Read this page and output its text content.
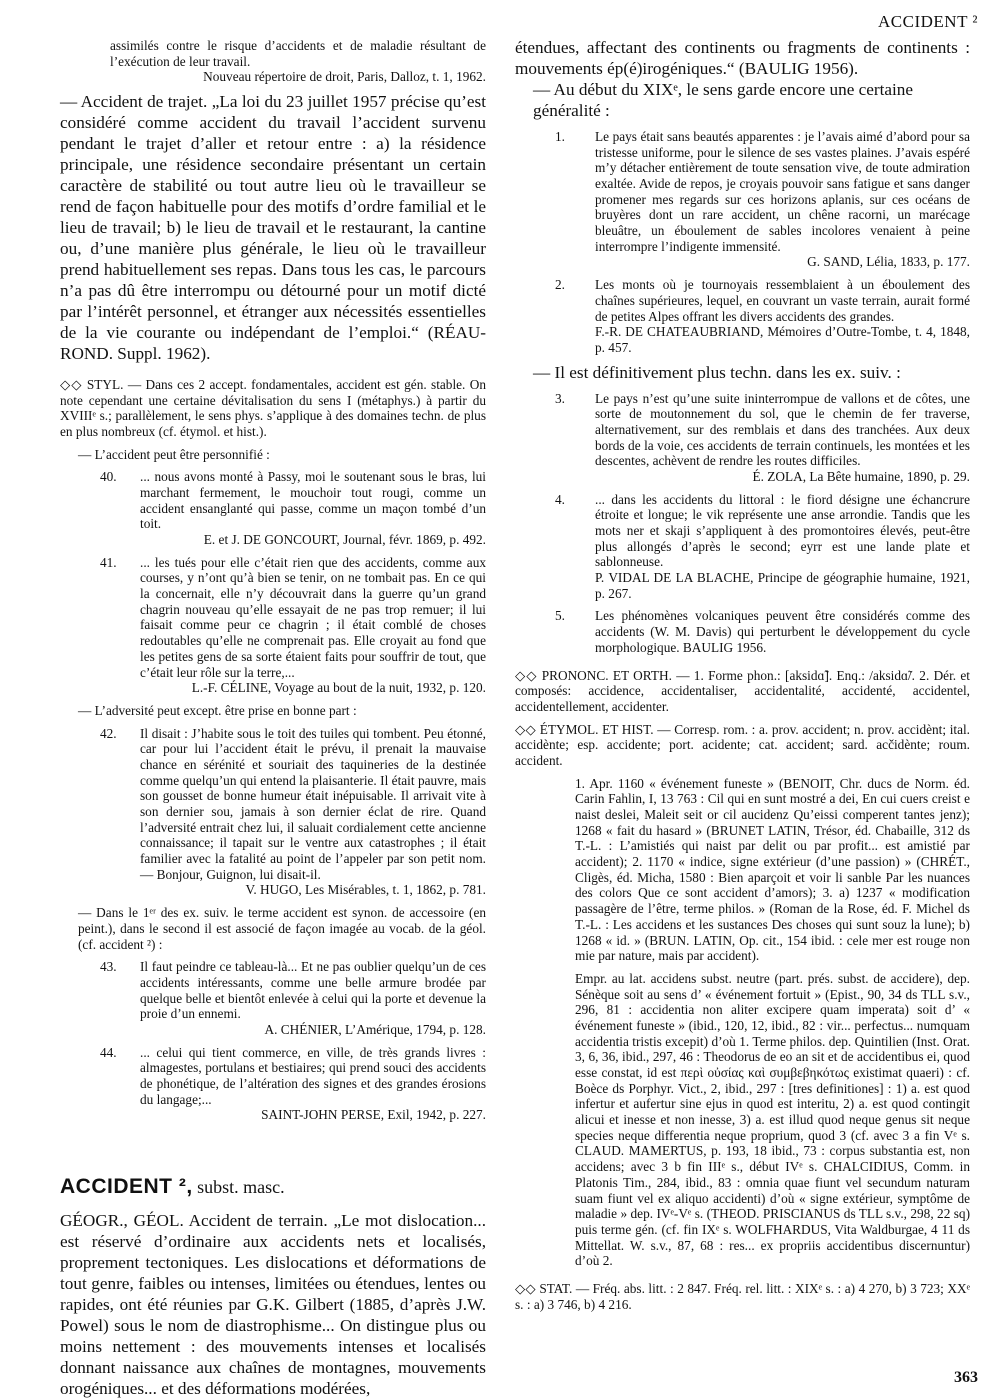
ACCIDENT ²

assimilés contre le risque d’accidents et de maladie résultant de l’exécution de leur travail.

Nouveau répertoire de droit, Paris, Dalloz, t. 1, 1962.

— Accident de trajet. „La loi du 23 juillet 1957 précise qu’est considéré comme accident du travail l’accident survenu pendant le trajet d’aller et retour entre : a) la résidence principale, une résidence secondaire présentant un certain caractère de stabilité ou tout autre lieu où le travailleur se rend de façon habituelle pour des motifs d’ordre familial et le lieu de travail; b) le lieu de travail et le restaurant, la cantine ou, d’une manière plus générale, le lieu où le travailleur prend habituellement ses repas. Dans tous les cas, le parcours n’a pas dû être interrompu ou détourné pour un motif dicté par l’intérêt personnel, et étranger aux nécessités essentielles de la vie courante ou indépendant de l’emploi.“ (RÉAU-ROND. Suppl. 1962).

◇◇ STYL. — Dans ces 2 accept. fondamentales, accident est gén. stable. On note cependant une certaine dévitalisation du sens I (métaphys.) à partir du XVIIIᵉ s.; parallèlement, le sens phys. s’applique à des domaines techn. de plus en plus nombreux (cf. étymol. et hist.).

— L’accident peut être personnifié :

40. ... nous avons monté à Passy, moi le soutenant sous le bras, lui marchant fermement, le mouchoir tout rougi, comme un accident ensanglanté qui passe, comme un maçon tombé d’un toit.

E. et J. DE GONCOURT, Journal, févr. 1869, p. 492.

41. ... les tués pour elle c’était rien que des accidents, comme aux courses, y n’ont qu’à bien se tenir, on ne tombait pas. En ce qui la concernait, elle n’y découvrait dans la guerre qu’un grand chagrin nouveau qu’elle essayait de ne pas trop remuer; il lui faisait comme peur ce chagrin ; il était comblé de choses redoutables qu’elle ne comprenait pas. Elle croyait au fond que les petites gens de sa sorte étaient faits pour souffrir de tout, que c’était leur rôle sur la terre,...

L.-F. CÉLINE, Voyage au bout de la nuit, 1932, p. 120.

— L’adversité peut except. être prise en bonne part :

42. Il disait : J’habite sous le toit des tuiles qui tombent. Peu étonné, car pour lui l’accident était le prévu, il prenait la mauvaise chance en sérénité et souriait des taquineries de la destinée comme quelqu’un qui entend la plaisanterie. Il était pauvre, mais son gousset de bonne humeur était inépuisable. Il arrivait vite à son dernier sou, jamais à son dernier éclat de rire. Quand l’adversité entrait chez lui, il saluait cordialement cette ancienne connaissance; il tapait sur le ventre aux catastrophes ; il était familier avec la fatalité au point de l’appeler par son petit nom. — Bonjour, Guignon, lui disait-il.

V. HUGO, Les Misérables, t. 1, 1862, p. 781.

— Dans le 1ᵉʳ des ex. suiv. le terme accident est synon. de accessoire (en peint.), dans le second il est associé de façon imagée au vocab. de la géol. (cf. accident ²) :

43. Il faut peindre ce tableau-là... Et ne pas oublier quelqu’un de ces accidents intéressants, comme une belle armure brodée par quelque belle et bientôt enlevée à celui qui la porte et devenue la proie d’un ennemi.

A. CHÉNIER, L’Amérique, 1794, p. 128.

44. ... celui qui tient commerce, en ville, de très grands livres : almagestes, portulans et bestiaires; qui prend souci des accidents de phonétique, de l’altération des signes et des grandes érosions du langage;...

SAINT-JOHN PERSE, Exil, 1942, p. 227.

ACCIDENT ², subst. masc.

GÉOGR., GÉOL. Accident de terrain. „Le mot dislocation... est réservé d’ordinaire aux accidents nets et localisés, proprement tectoniques. Les dislocations et déformations de tout genre, faibles ou intenses, limitées ou étendues, lentes ou rapides, ont été réunies par G.K. Gilbert (1885, d’après J.W. Powel) sous le nom de diastrophisme... On distingue plus ou moins nettement : des mouvements intenses et localisés donnant naissance aux chaînes de montagnes, mouvements orogéniques... et des déformations modérées,

étendues, affectant des continents ou fragments de continents : mouvements ép(é)irogéniques.“ (BAULIG 1956).

— Au début du XIXᵉ, le sens garde encore une certaine généralité :

1. Le pays était sans beautés apparentes : je l’avais aimé d’abord pour sa tristesse uniforme, pour le silence de ses vastes plaines. J’avais espéré m’y détacher entièrement de toute sensation vive, de toute admiration exaltée. Avide de repos, je croyais pouvoir sans fatigue et sans danger promener mes regards sur ces horizons aplanis, sur ces océans de bruyères dont un rare accident, un chêne racorni, un marécage bleuâtre, un éboulement de sables incolores venaient à peine interrompre l’indigente immensité.

G. SAND, Lélia, 1833, p. 177.

2. Les monts où je tournoyais ressemblaient à un éboulement des chaînes supérieures, lequel, en couvrant un vaste terrain, aurait formé de petites Alpes offrant les divers accidents des grandes.

F.-R. DE CHATEAUBRIAND, Mémoires d’Outre-Tombe, t. 4, 1848, p. 457.

— Il est définitivement plus techn. dans les ex. suiv. :

3. Le pays n’est qu’une suite ininterrompue de vallons et de côtes, une sorte de moutonnement du sol, que le chemin de fer traverse, alternativement, sur des remblais et dans des tranchées. Aux deux bords de la voie, ces accidents de terrain continuels, les montées et les descentes, achèvent de rendre les routes difficiles.

É. ZOLA, La Bête humaine, 1890, p. 29.

4. ... dans les accidents du littoral : le fiord désigne une échancrure étroite et longue; le vik représente une anse arrondie. Tandis que les mots ner et skaji s’appliquent à des promontoires élevés, peut-être plus allongés d’après le second; eyrr est une lande plate et sablonneuse.

P. VIDAL DE LA BLACHE, Principe de géographie humaine, 1921, p. 267.

5. Les phénomènes volcaniques peuvent être considérés comme des accidents (W. M. Davis) qui perturbent le développement du cycle morphologique. BAULIG 1956.

◇◇ PRONONC. ET ORTH. — 1. Forme phon.: [aksidɑ̃]. Enq.: /aksidɑ̃/. 2. Dér. et composés: accidence, accidentaliser, accidentalité, accidenté, accidentel, accidentellement, accidenter.

◇◇ ÉTYMOL. ET HIST. — Corresp. rom. : a. prov. accident; n. prov. accidènt; ital. accidènte; esp. accidente; port. acidente; cat. accident; sard. acčidènte; roum. accident.

1. Apr. 1160 « événement funeste » (BENOIT, Chr. ducs de Norm. éd. Carin Fahlin, I, 13 763 : Cil qui en sunt mostré a dei, En cui cuers creist e naist deslei, Maleit seit or cil aucidenz Qu’eissi comperent tantes jenz); 1268 « fait du hasard » (BRUNET LATIN, Trésor, éd. Chabaille, 312 ds T.-L. : L’amistiés qui naist par delit ou par profit... est amistié par accident); 2. 1170 « indice, signe extérieur (d’une passion) » (CHRÉT., Cligès, éd. Micha, 1580 : Bien aparçoit et voir li sanble Par les nuances des colors Que ce sont accident d’amors); 3. a) 1237 « modification passagère de l’être, terme philos. » (Roman de la Rose, éd. F. Michel ds T.-L. : Les accidens et les sustances Des choses qui sunt souz la lune); b) 1268 « id. » (BRUN. LATIN, Op. cit., 154 ibid. : cele mer est rouge non mie par nature, mais par accident).

Empr. au lat. accidens subst. neutre (part. prés. subst. de accidere), dep. Sénèque soit au sens d’ « événement fortuit » (Epist., 90, 34 ds TLL s.v., 296, 81 : accidentia non aliter excipere quam imperata) soit d’ « événement funeste » (ibid., 120, 12, ibid., 82 : vir... perfectus... numquam accidentia tristis excepit) d’où 1. Terme philos. dep. Quintilien (Inst. Orat. 3, 6, 36, ibid., 297, 46 : Theodorus de eo an sit et de accidentibus ei, quod esse constat, id est περὶ οὐσίας καὶ συμβεβηκότως existimat quaeri) : cf. Boèce ds Porphyr. Vict., 2, ibid., 297 : [tres definitiones] : 1) a. est quod infertur et aufertur sine ejus in quod est interitu, 2) a. est quod contingit alicui et inesse et non inesse, 3) a. est illud quod neque genus sit neque species neque differentia neque proprium, quod 3 (cf. avec 3 a fin Vᵉ s. CLAUD. MAMERTUS, p. 193, 18 ibid., 73 : corpus substantia est, non accidens; avec 3 b fin IIIᵉ s., début IVᵉ s. CHALCIDIUS, Comm. in Platonis Tim., 284, ibid., 83 : omnia quae fiunt vel secundum naturam suam fiunt vel ex aliquo accidenti) d’où « signe extérieur, symptôme de maladie » dep. IVᵉ-Vᵉ s. (THEOD. PRISCIANUS ds TLL s.v., 298, 22 sq) puis terme gén. (cf. fin IXᵉ s. WOLFHARDUS, Vita Waldburgae, 4 11 ds Mittellat. W. s.v., 87, 68 : res... ex propriis accidentibus discernuntur) d’où 2.

◇◇ STAT. — Fréq. abs. litt. : 2 847. Fréq. rel. litt. : XIXᵉ s. : a) 4 270, b) 3 723; XXᵉ s. : a) 3 746, b) 4 216.

363
